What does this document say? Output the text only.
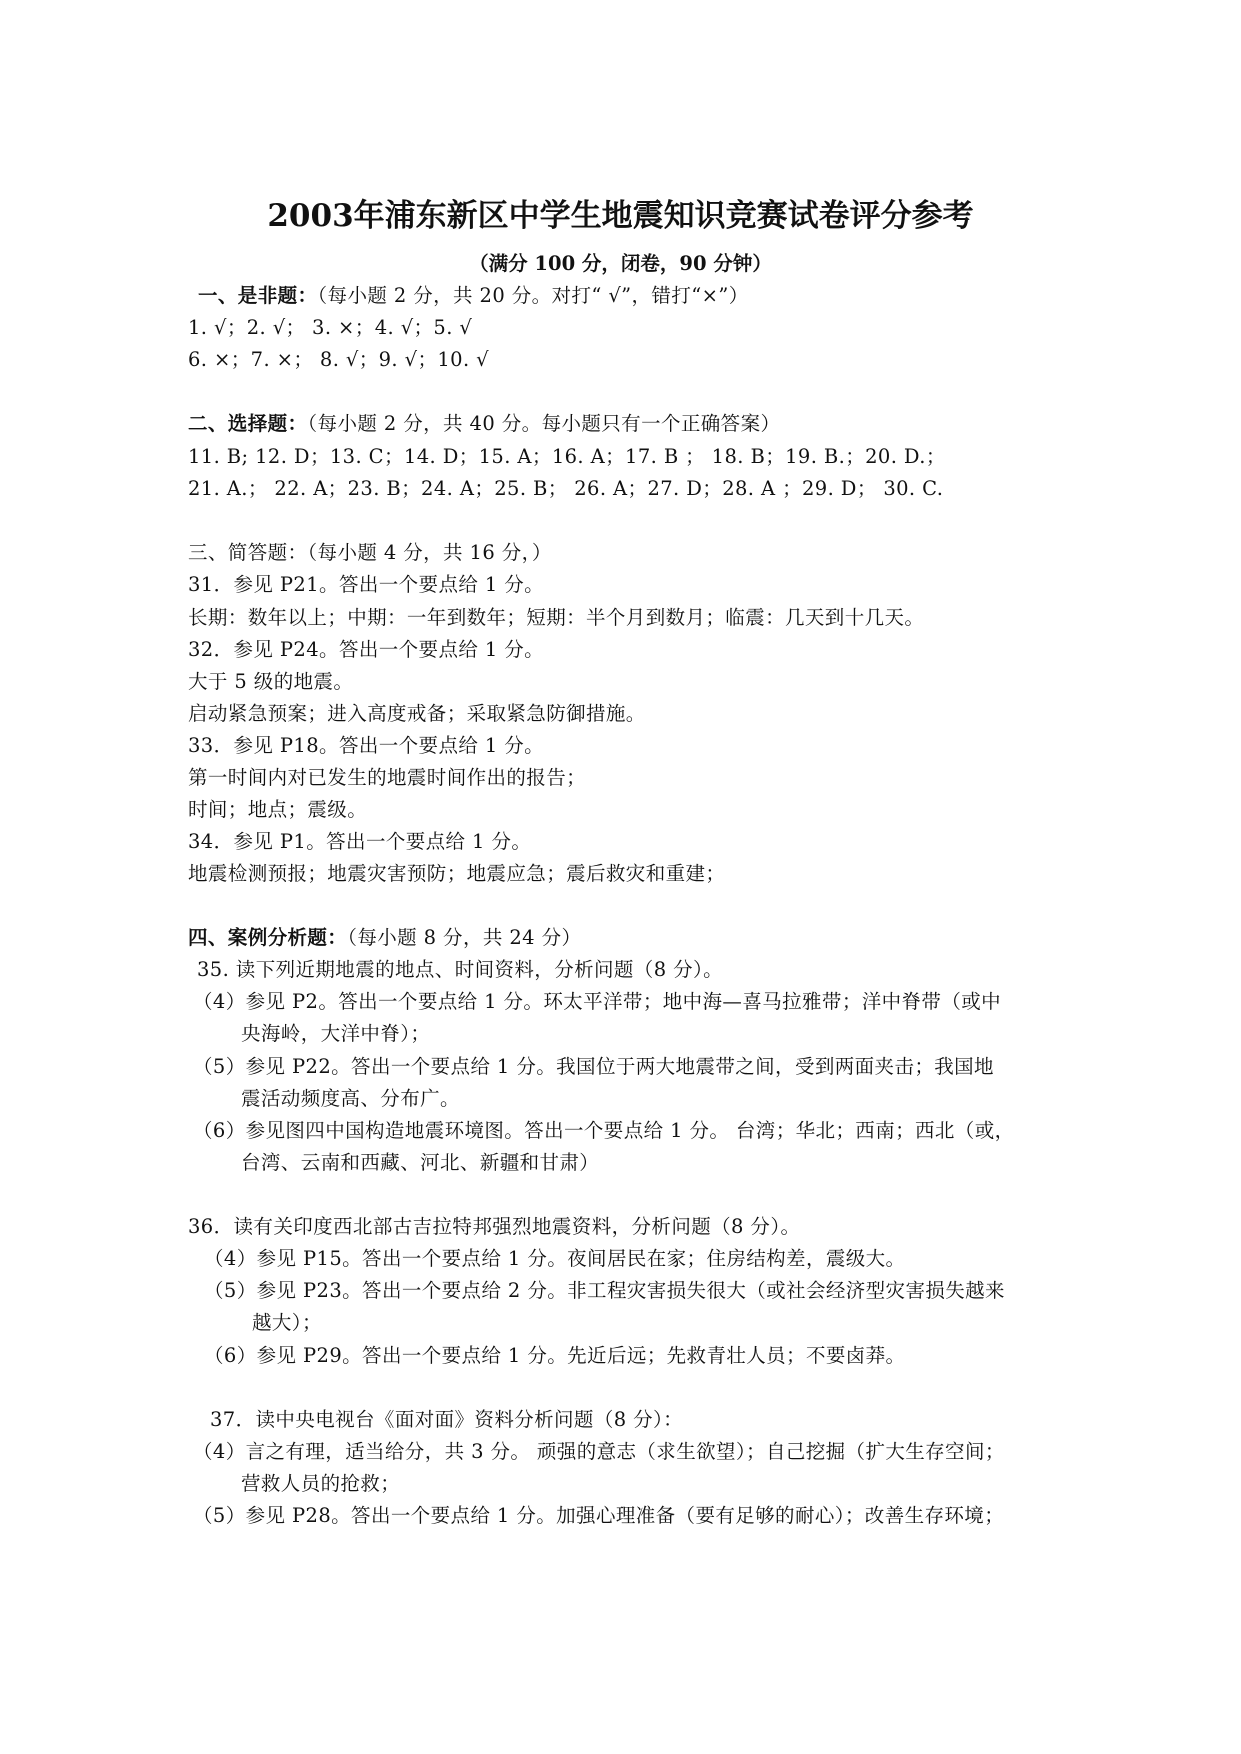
2003年浦东新区中学生地震知识竞赛试卷评分参考
（满分 100 分，闭卷，90 分钟）
一、是非题：（每小题 2 分，共 20 分。对打“ √”，错打“×”）
1. √；2. √； 3. ×；4. √；5. √
6. ×；7. ×； 8. √；9. √；10. √
二、选择题：（每小题 2 分，共 40 分。每小题只有一个正确答案）
11. B; 12. D；13. C；14. D；15. A；16. A；17. B ； 18. B；19. B.；20. D.；
21. A.； 22. A；23. B；24. A；25. B； 26. A；27. D；28. A ；29. D； 30. C.
三、简答题：（每小题 4 分，共 16 分，）
31．参见 P21。答出一个要点给 1 分。
长期：数年以上；中期：一年到数年；短期：半个月到数月；临震：几天到十几天。
32．参见 P24。答出一个要点给 1 分。
大于 5 级的地震。
启动紧急预案；进入高度戒备；采取紧急防御措施。
33．参见 P18。答出一个要点给 1 分。
第一时间内对已发生的地震时间作出的报告；
时间；地点；震级。
34．参见 P1。答出一个要点给 1 分。
地震检测预报；地震灾害预防；地震应急；震后救灾和重建；
四、案例分析题：（每小题 8 分，共 24 分）
35. 读下列近期地震的地点、时间资料，分析问题（8 分）。
（4）参见 P2。答出一个要点给 1 分。环太平洋带；地中海—喜马拉雅带；洋中脊带（或中
央海岭，大洋中脊）；
（5）参见 P22。答出一个要点给 1 分。我国位于两大地震带之间，受到两面夹击；我国地
震活动频度高、分布广。
（6）参见图四中国构造地震环境图。答出一个要点给 1 分。 台湾；华北；西南；西北（或，
台湾、云南和西藏、河北、新疆和甘肃）
36．读有关印度西北部古吉拉特邦强烈地震资料，分析问题（8 分）。
（4）参见 P15。答出一个要点给 1 分。夜间居民在家；住房结构差，震级大。
（5）参见 P23。答出一个要点给 2 分。非工程灾害损失很大（或社会经济型灾害损失越来
越大）；
（6）参见 P29。答出一个要点给 1 分。先近后远；先救青壮人员；不要卤莽。
37．读中央电视台《面对面》资料分析问题（8 分）：
（4）言之有理，适当给分，共 3 分。 顽强的意志（求生欲望）；自己挖掘（扩大生存空间；
营救人员的抢救；
（5）参见 P28。答出一个要点给 1 分。加强心理准备（要有足够的耐心）；改善生存环境；
